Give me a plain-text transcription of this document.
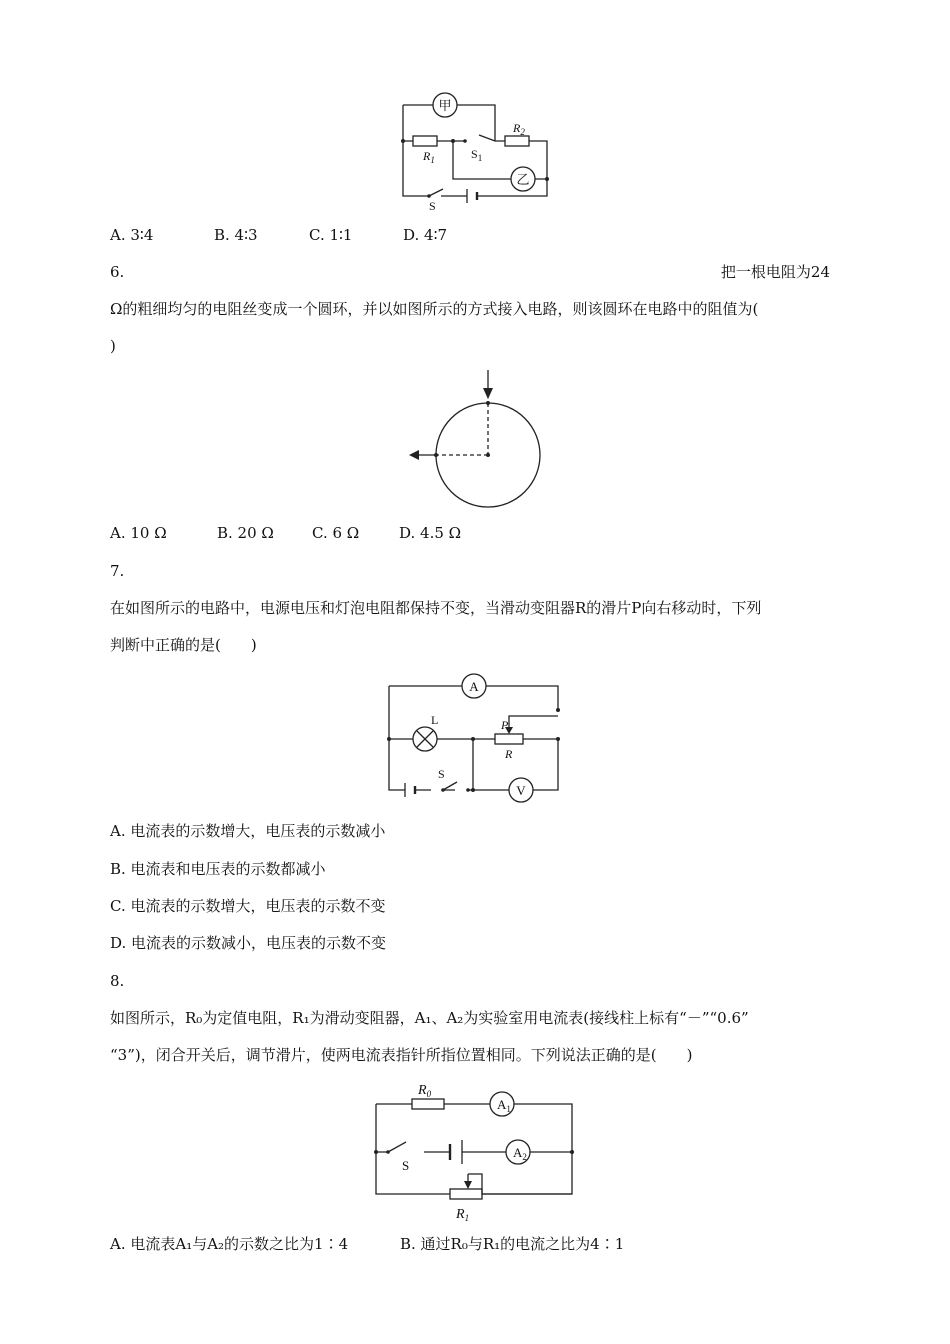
甲
乙
$R_1$
$R_2$
$S_1$
S
A. 3∶4	B. 4∶3	C. 1∶1	D. 4∶7
6.	把一根电阻为24
Ω的粗细均匀的电阻丝变成一个圆环，并以如图所示的方式接入电路，则该圆环在电路中的阻值为(
)
A. 10 Ω	B. 20 Ω	C. 6 Ω	D. 4.5 Ω
7.
在如图所示的电路中，电源电压和灯泡电阻都保持不变，当滑动变阻器R的滑片P向右移动时，下列
判断中正确的是(　　)
A
L	P
R
S
V
A. 电流表的示数增大，电压表的示数减小
B. 电流表和电压表的示数都减小
C. 电流表的示数增大，电压表的示数不变
D. 电流表的示数减小，电压表的示数不变
8.
如图所示，R₀为定值电阻，R₁为滑动变阻器，A₁、A₂为实验室用电流表(接线柱上标有“－”“0.6”
“3”)，闭合开关后，调节滑片，使两电流表指针所指位置相同。下列说法正确的是(　　)
$R_0$
$A_1$
S
$A_2$
$R_1$
A. 电流表A₁与A₂的示数之比为1∶4	B. 通过R₀与R₁的电流之比为4∶1
